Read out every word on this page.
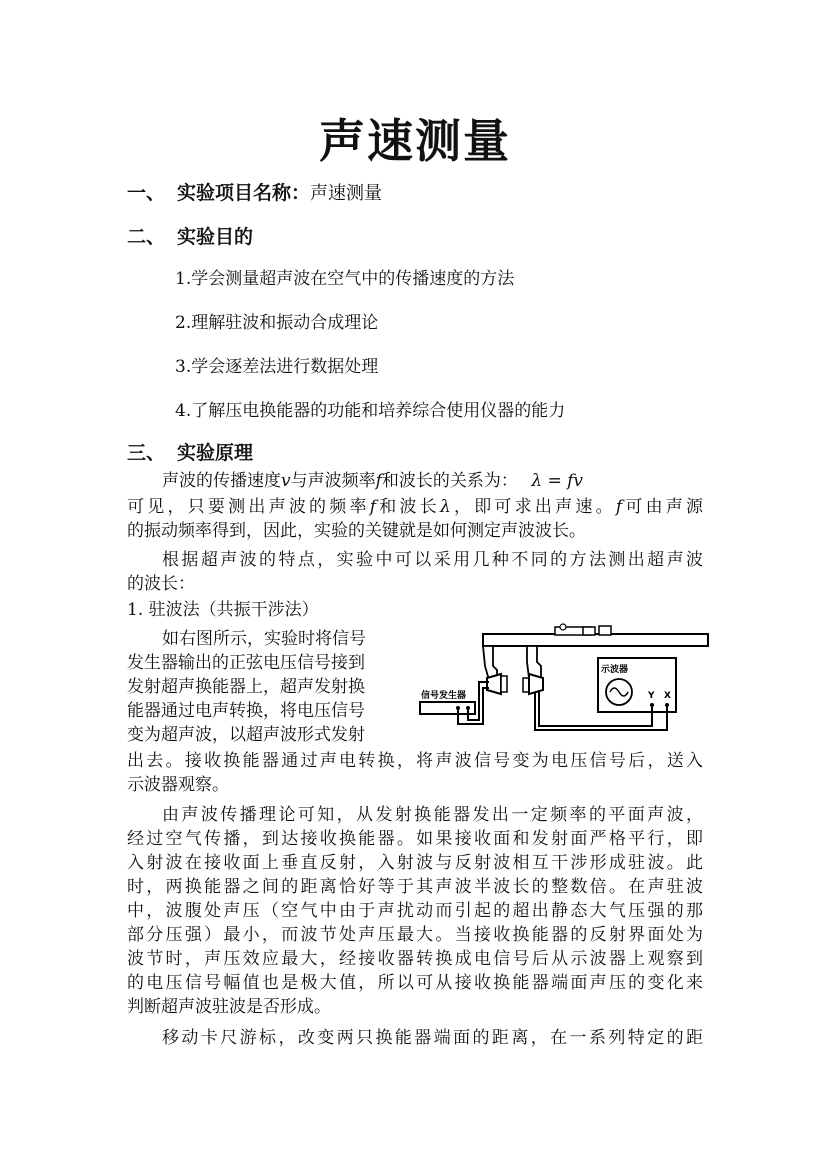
声速测量
一、 实验项目名称：声速测量
二、 实验目的
1.学会测量超声波在空气中的传播速度的方法
2.理解驻波和振动合成理论
3.学会逐差法进行数据处理
4.了解压电换能器的功能和培养综合使用仪器的能力
三、 实验原理
声波的传播速度v与声波频率f和波长的关系为： λ = fv
可见，只要测出声波的频率f和波长λ，即可求出声速。f可由声源
的振动频率得到，因此，实验的关键就是如何测定声波波长。
根据超声波的特点，实验中可以采用几种不同的方法测出超声波
的波长：
1. 驻波法（共振干涉法）
如右图所示，实验时将信号
发生器输出的正弦电压信号接到
发射超声换能器上，超声发射换
能器通过电声转换，将电压信号
变为超声波，以超声波形式发射
出去。接收换能器通过声电转换，将声波信号变为电压信号后，送入
示波器观察。
示波器
Y X
信号发生器
由声波传播理论可知，从发射换能器发出一定频率的平面声波，
经过空气传播，到达接收换能器。如果接收面和发射面严格平行，即
入射波在接收面上垂直反射，入射波与反射波相互干涉形成驻波。此
时，两换能器之间的距离恰好等于其声波半波长的整数倍。在声驻波
中，波腹处声压（空气中由于声扰动而引起的超出静态大气压强的那
部分压强）最小，而波节处声压最大。当接收换能器的反射界面处为
波节时，声压效应最大，经接收器转换成电信号后从示波器上观察到
的电压信号幅值也是极大值，所以可从接收换能器端面声压的变化来
判断超声波驻波是否形成。
移动卡尺游标，改变两只换能器端面的距离，在一系列特定的距
